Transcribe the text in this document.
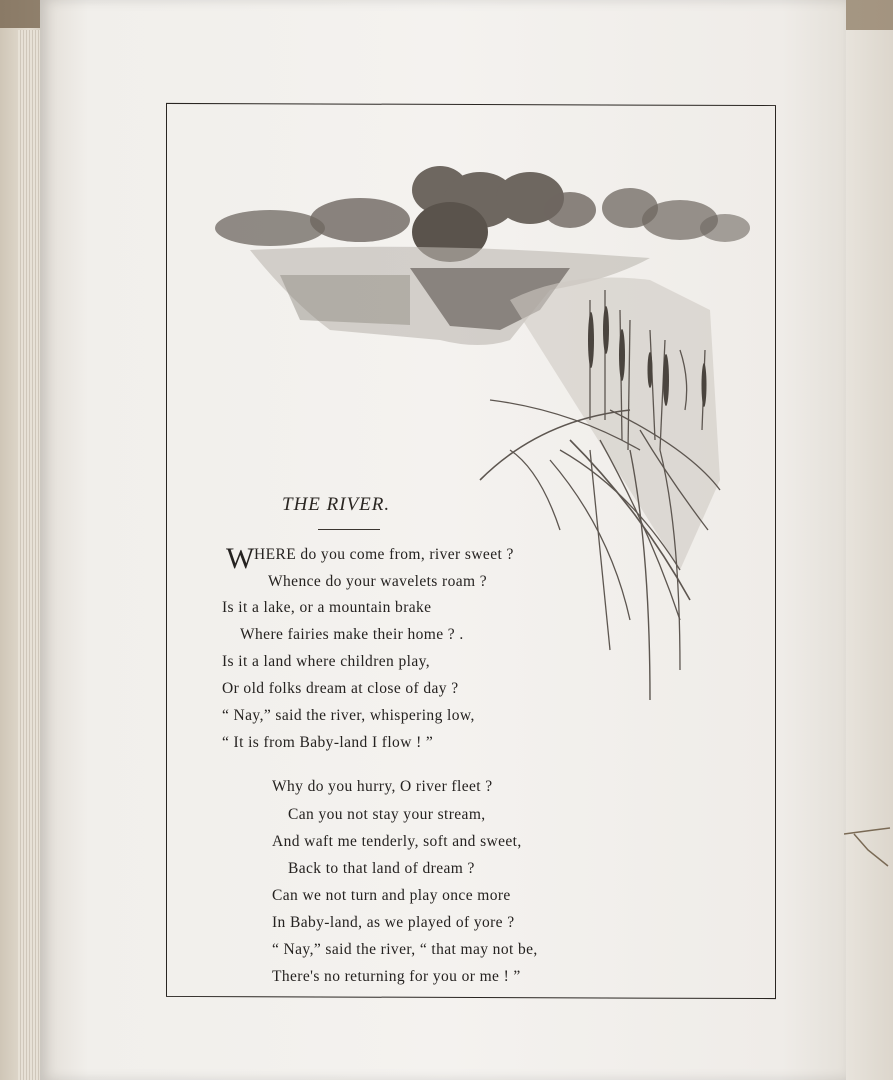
THE RIVER.
W HERE do you come from, river sweet ?
Whence do your wavelets roam ?
Is it a lake, or a mountain brake
Where fairies make their home ? .
Is it a land where children play,
Or old folks dream at close of day ?
“ Nay,” said the river, whispering low,
“ It is from Baby-land I flow ! ”
Why do you hurry, O river fleet ?
Can you not stay your stream,
And waft me tenderly, soft and sweet,
Back to that land of dream ?
Can we not turn and play once more
In Baby-land, as we played of yore ?
“ Nay,” said the river, “ that may not be,
There's no returning for you or me ! ”
